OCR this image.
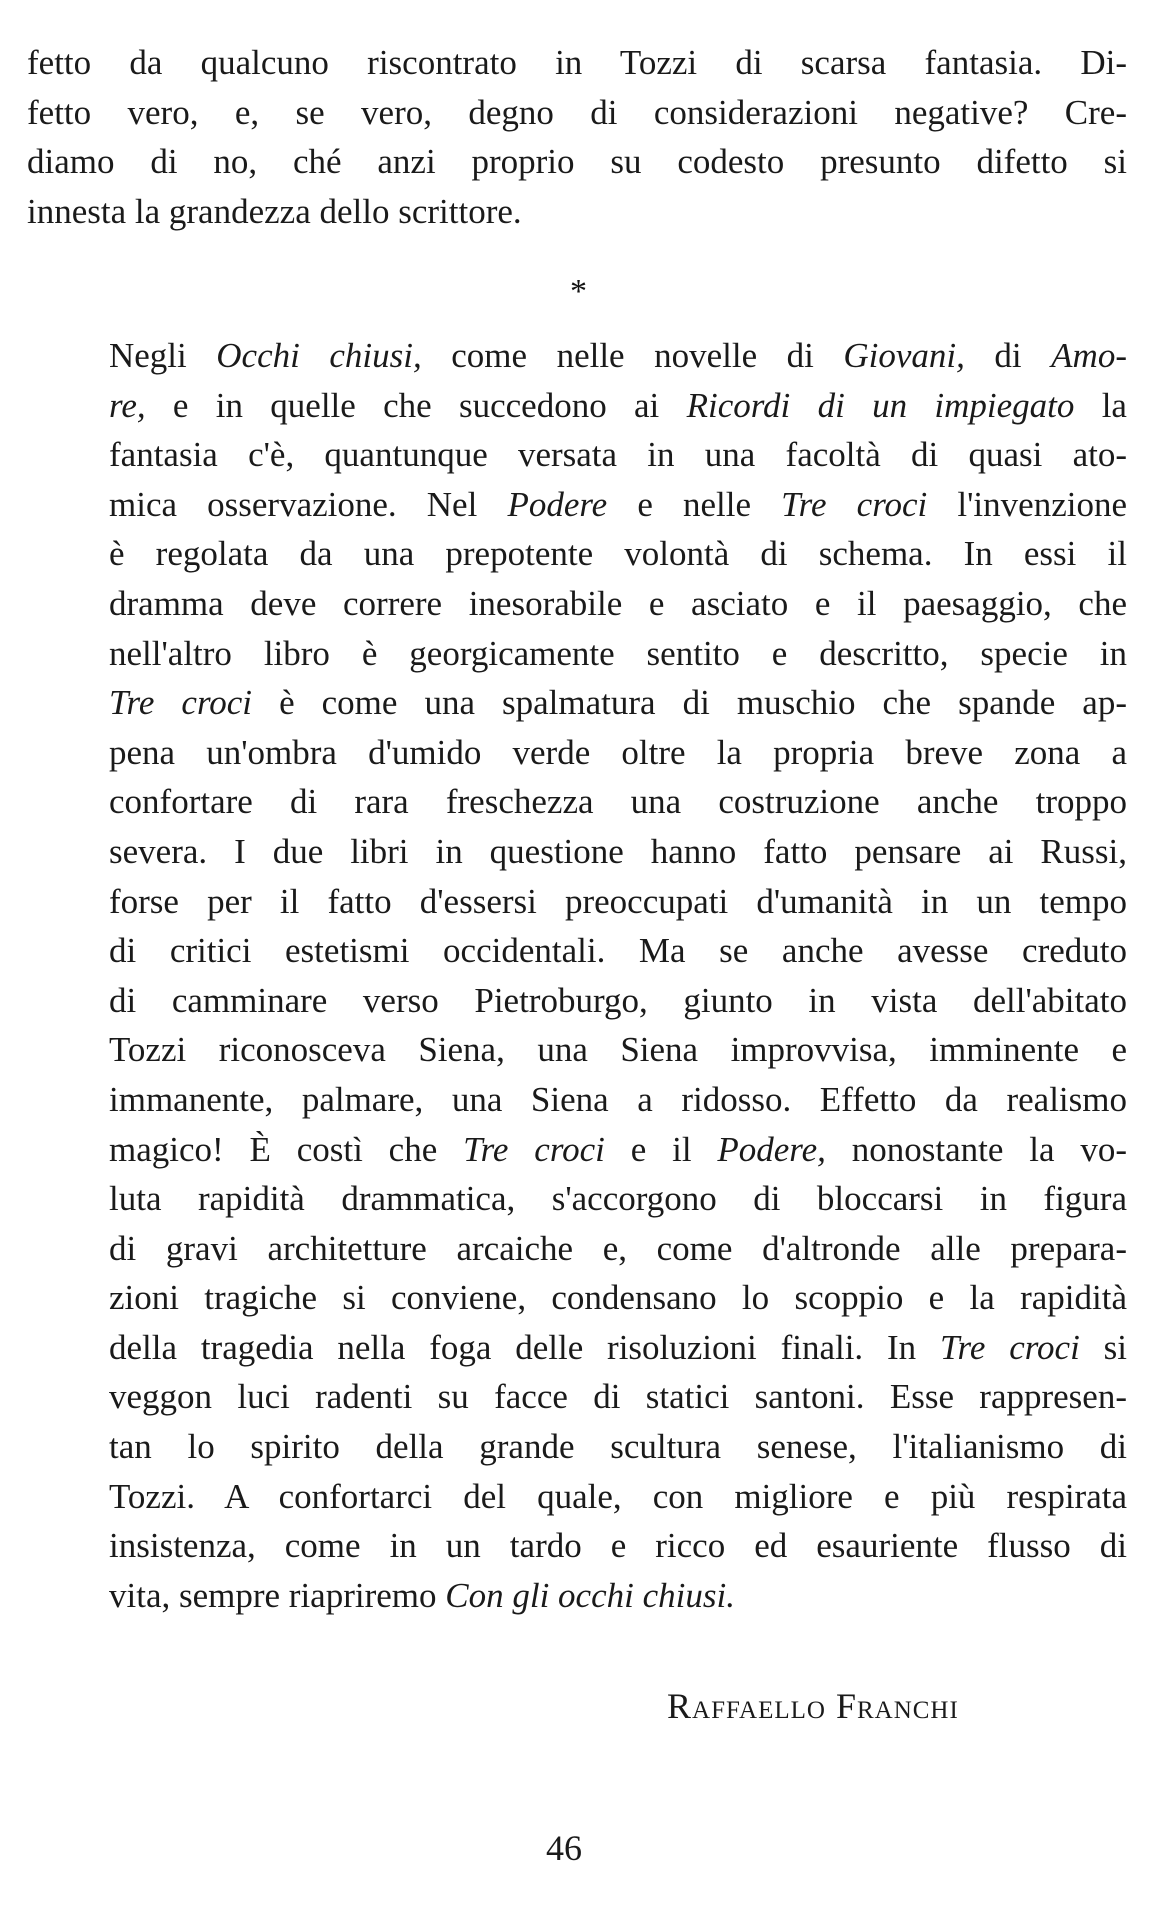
fetto da qualcuno riscontrato in Tozzi di scarsa fantasia. Di-
fetto vero, e, se vero, degno di considerazioni negative? Cre-
diamo di no, ché anzi proprio su codesto presunto difetto si
innesta la grandezza dello scrittore.
*
Negli Occhi chiusi, come nelle novelle di Giovani, di Amo-
re, e in quelle che succedono ai Ricordi di un impiegato la
fantasia c'è, quantunque versata in una facoltà di quasi ato-
mica osservazione. Nel Podere e nelle Tre croci l'invenzione
è regolata da una prepotente volontà di schema. In essi il
dramma deve correre inesorabile e asciato e il paesaggio, che
nell'altro libro è georgicamente sentito e descritto, specie in
Tre croci è come una spalmatura di muschio che spande ap-
pena un'ombra d'umido verde oltre la propria breve zona a
confortare di rara freschezza una costruzione anche troppo
severa. I due libri in questione hanno fatto pensare ai Russi,
forse per il fatto d'essersi preoccupati d'umanità in un tempo
di critici estetismi occidentali. Ma se anche avesse creduto
di camminare verso Pietroburgo, giunto in vista dell'abitato
Tozzi riconosceva Siena, una Siena improvvisa, imminente e
immanente, palmare, una Siena a ridosso. Effetto da realismo
magico! È costì che Tre croci e il Podere, nonostante la vo-
luta rapidità drammatica, s'accorgono di bloccarsi in figura
di gravi architetture arcaiche e, come d'altronde alle prepara-
zioni tragiche si conviene, condensano lo scoppio e la rapidità
della tragedia nella foga delle risoluzioni finali. In Tre croci si
veggon luci radenti su facce di statici santoni. Esse rappresen-
tan lo spirito della grande scultura senese, l'italianismo di
Tozzi. A confortarci del quale, con migliore e più respirata
insistenza, come in un tardo e ricco ed esauriente flusso di
vita, sempre riapriremo Con gli occhi chiusi.
Raffaello Franchi
46
